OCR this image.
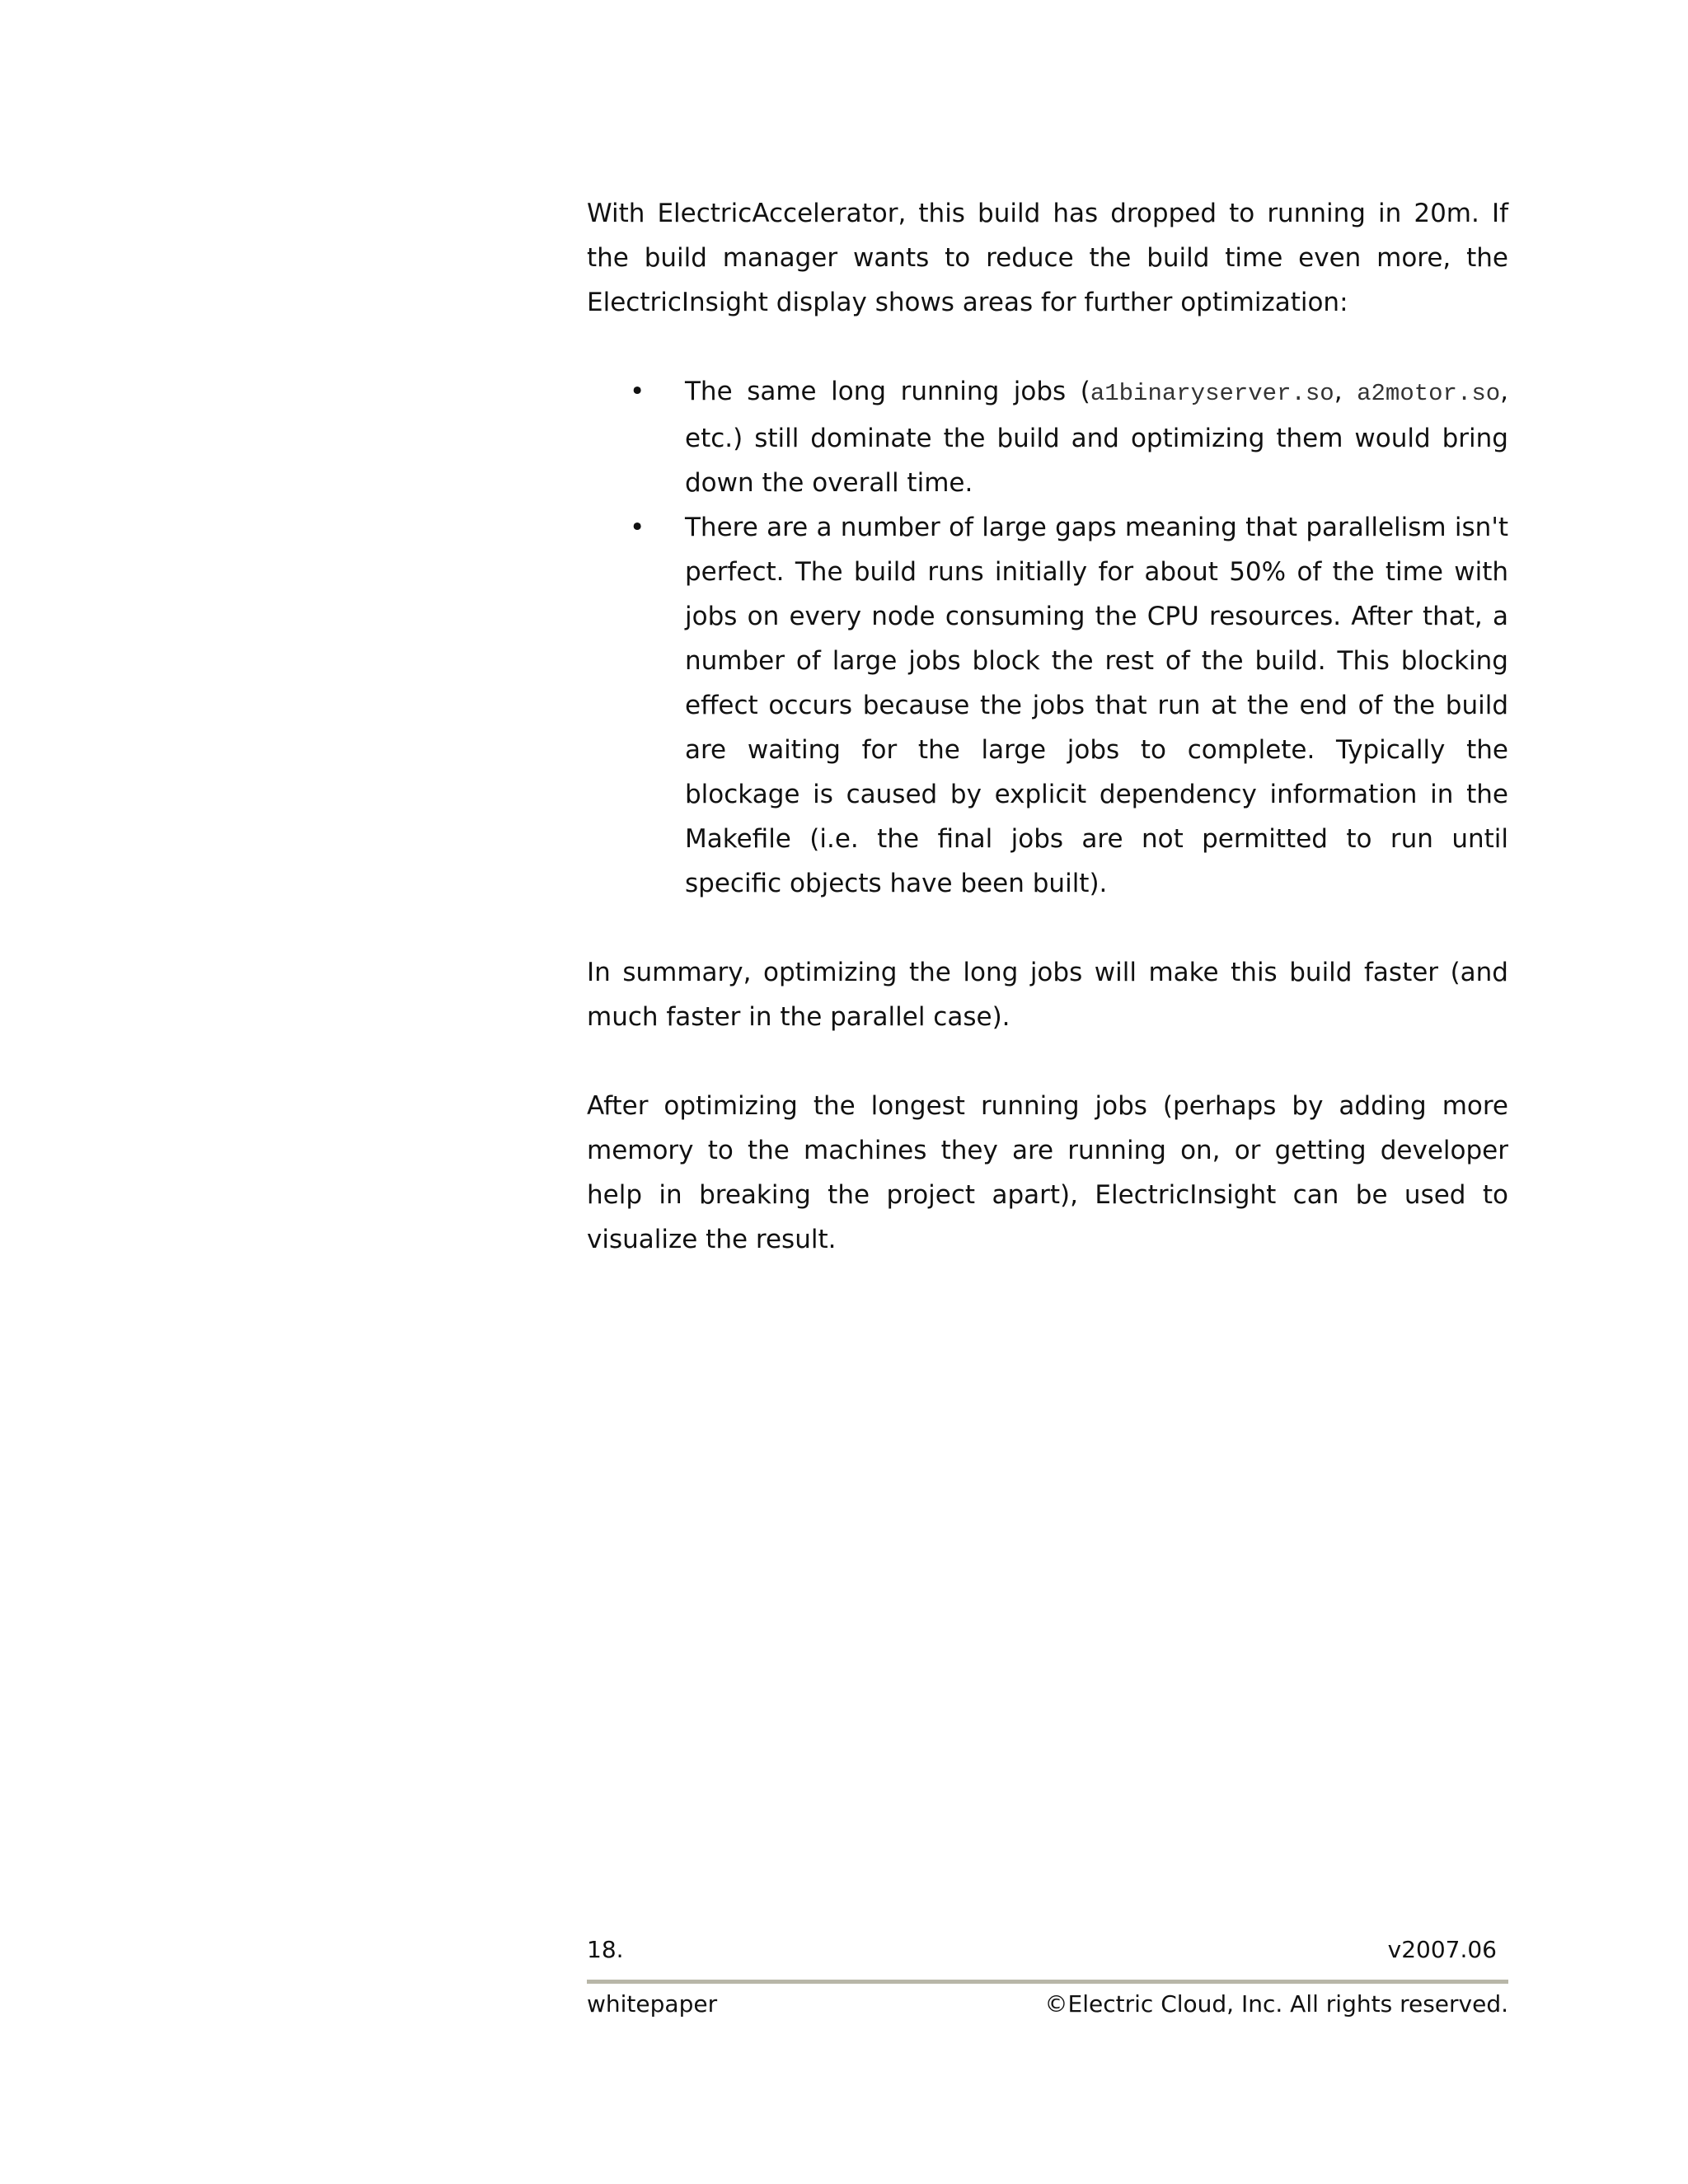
With ElectricAccelerator, this build has dropped to running in 20m. If the build manager wants to reduce the build time even more, the ElectricInsight display shows areas for further optimization:

• The same long running jobs (a1binaryserver.so, a2motor.so, etc.) still dominate the build and optimizing them would bring down the overall time.
• There are a number of large gaps meaning that parallelism isn't perfect. The build runs initially for about 50% of the time with jobs on every node consuming the CPU resources. After that, a number of large jobs block the rest of the build. This blocking effect occurs because the jobs that run at the end of the build are waiting for the large jobs to complete. Typically the blockage is caused by explicit dependency information in the Makefile (i.e. the final jobs are not permitted to run until specific objects have been built).

In summary, optimizing the long jobs will make this build faster (and much faster in the parallel case).

After optimizing the longest running jobs (perhaps by adding more memory to the machines they are running on, or getting developer help in breaking the project apart), ElectricInsight can be used to visualize the result.

18.	v2007.06
whitepaper	©Electric Cloud, Inc. All rights reserved.
